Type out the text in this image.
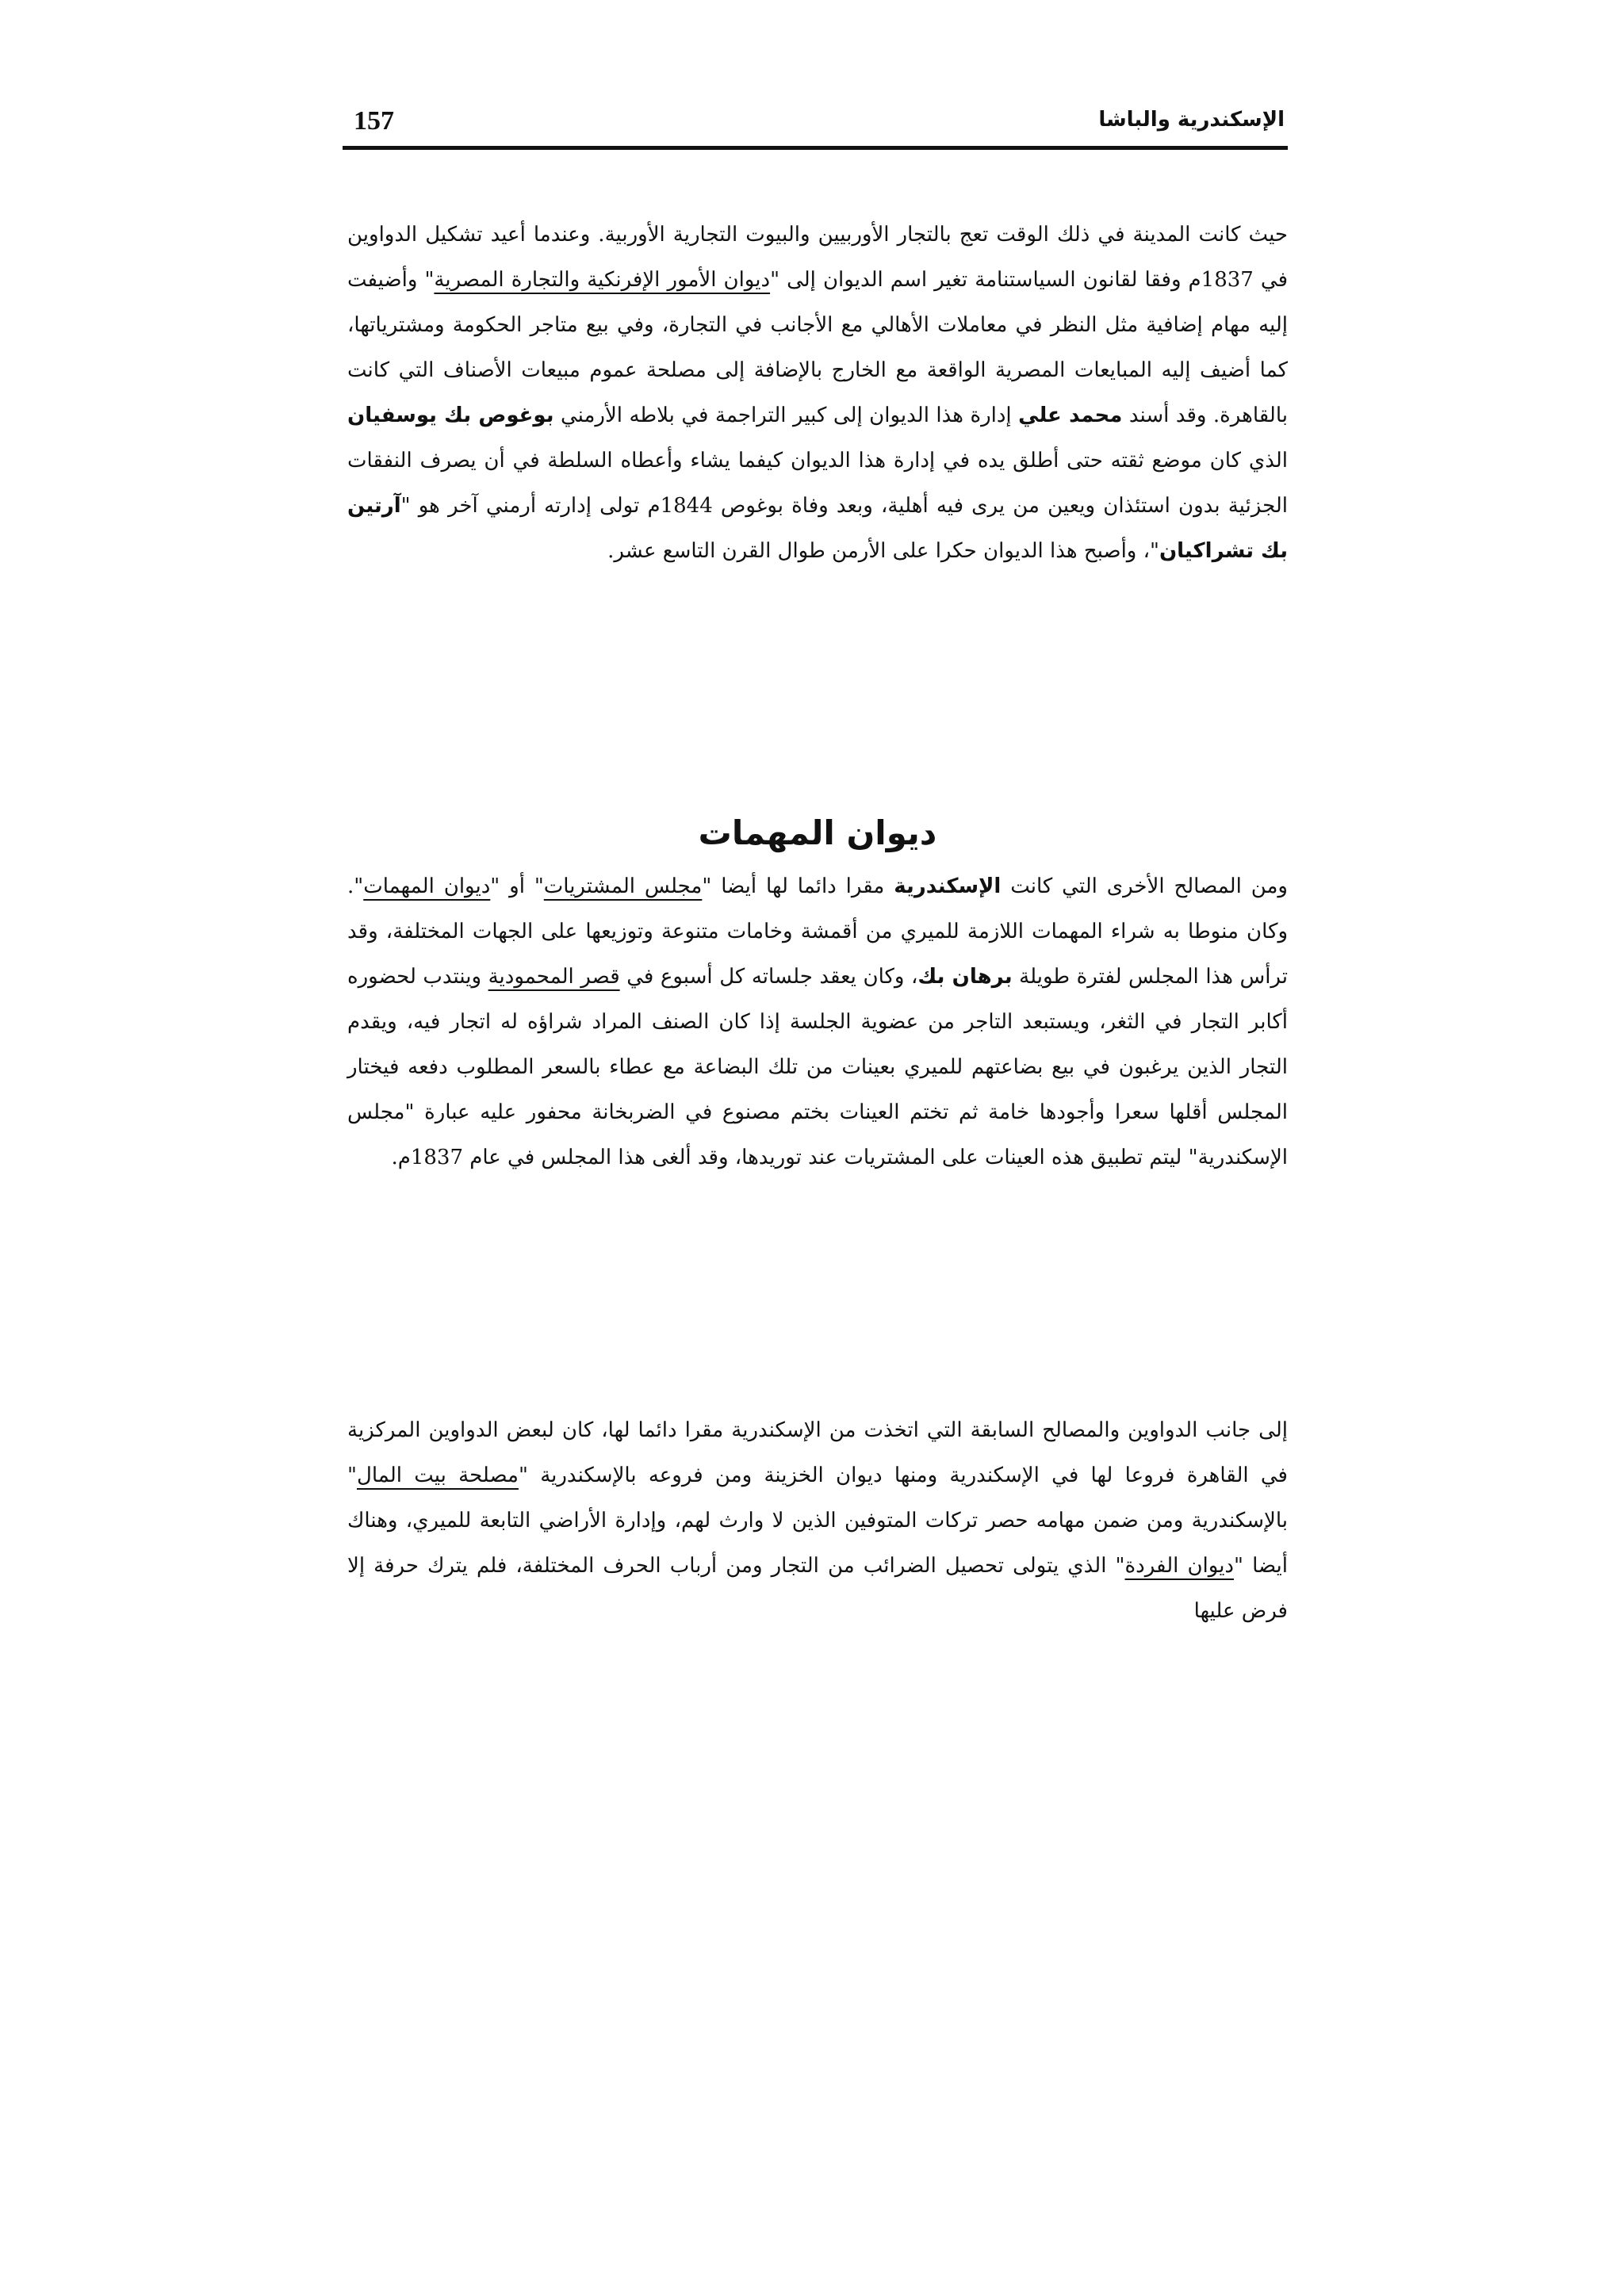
157	الإسكندرية والباشا

حيث كانت المدينة في ذلك الوقت تعج بالتجار الأوربيين والبيوت التجارية الأوربية. وعندما أعيد تشكيل الدواوين في 1837م وفقا لقانون السياستنامة تغير اسم الديوان إلى "ديوان الأمور الإفرنكية والتجارة المصرية" وأضيفت إليه مهام إضافية مثل النظر في معاملات الأهالي مع الأجانب في التجارة، وفي بيع متاجر الحكومة ومشترياتها، كما أضيف إليه المبايعات المصرية الواقعة مع الخارج بالإضافة إلى مصلحة عموم مبيعات الأصناف التي كانت بالقاهرة. وقد أسند محمد علي إدارة هذا الديوان إلى كبير التراجمة في بلاطه الأرمني بوغوص بك يوسفيان الذي كان موضع ثقته حتى أطلق يده في إدارة هذا الديوان كيفما يشاء وأعطاه السلطة في أن يصرف النفقات الجزئية بدون استئذان ويعين من يرى فيه أهلية، وبعد وفاة بوغوص 1844م تولى إدارته أرمني آخر هو "آرتين بك تشراكيان"، وأصبح هذا الديوان حكرا على الأرمن طوال القرن التاسع عشر.

ديوان المهمات

ومن المصالح الأخرى التي كانت الإسكندرية مقرا دائما لها أيضا "مجلس المشتريات" أو "ديوان المهمات". وكان منوطا به شراء المهمات اللازمة للميري من أقمشة وخامات متنوعة وتوزيعها على الجهات المختلفة، وقد ترأس هذا المجلس لفترة طويلة برهان بك، وكان يعقد جلساته كل أسبوع في قصر المحمودية وينتدب لحضوره أكابر التجار في الثغر، ويستبعد التاجر من عضوية الجلسة إذا كان الصنف المراد شراؤه له اتجار فيه، ويقدم التجار الذين يرغبون في بيع بضاعتهم للميري بعينات من تلك البضاعة مع عطاء بالسعر المطلوب دفعه فيختار المجلس أقلها سعرا وأجودها خامة ثم تختم العينات بختم مصنوع في الضربخانة محفور عليه عبارة "مجلس الإسكندرية" ليتم تطبيق هذه العينات على المشتريات عند توريدها، وقد ألغى هذا المجلس في عام 1837م.

إلى جانب الدواوين والمصالح السابقة التي اتخذت من الإسكندرية مقرا دائما لها، كان لبعض الدواوين المركزية في القاهرة فروعا لها في الإسكندرية ومنها ديوان الخزينة ومن فروعه بالإسكندرية "مصلحة بيت المال" بالإسكندرية ومن ضمن مهامه حصر تركات المتوفين الذين لا وارث لهم، وإدارة الأراضي التابعة للميري، وهناك أيضا "ديوان الفردة" الذي يتولى تحصيل الضرائب من التجار ومن أرباب الحرف المختلفة، فلم يترك حرفة إلا فرض عليها
